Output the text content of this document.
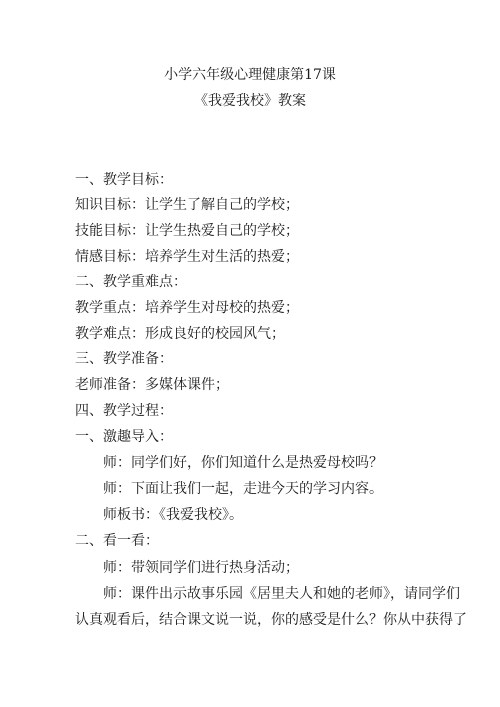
小学六年级心理健康第17课
《我爱我校》教案
一、教学目标：
知识目标：让学生了解自己的学校；
技能目标：让学生热爱自己的学校；
情感目标：培养学生对生活的热爱；
二、教学重难点：
教学重点：培养学生对母校的热爱；
教学难点：形成良好的校园风气；
三、教学准备：
老师准备：多媒体课件；
四、教学过程：
一、激趣导入：
师：同学们好，你们知道什么是热爱母校吗？
师：下面让我们一起，走进今天的学习内容。
师板书：《我爱我校》。
二、看一看：
师：带领同学们进行热身活动；
师：课件出示故事乐园《居里夫人和她的老师》，请同学们
认真观看后，结合课文说一说，你的感受是什么？你从中获得了
